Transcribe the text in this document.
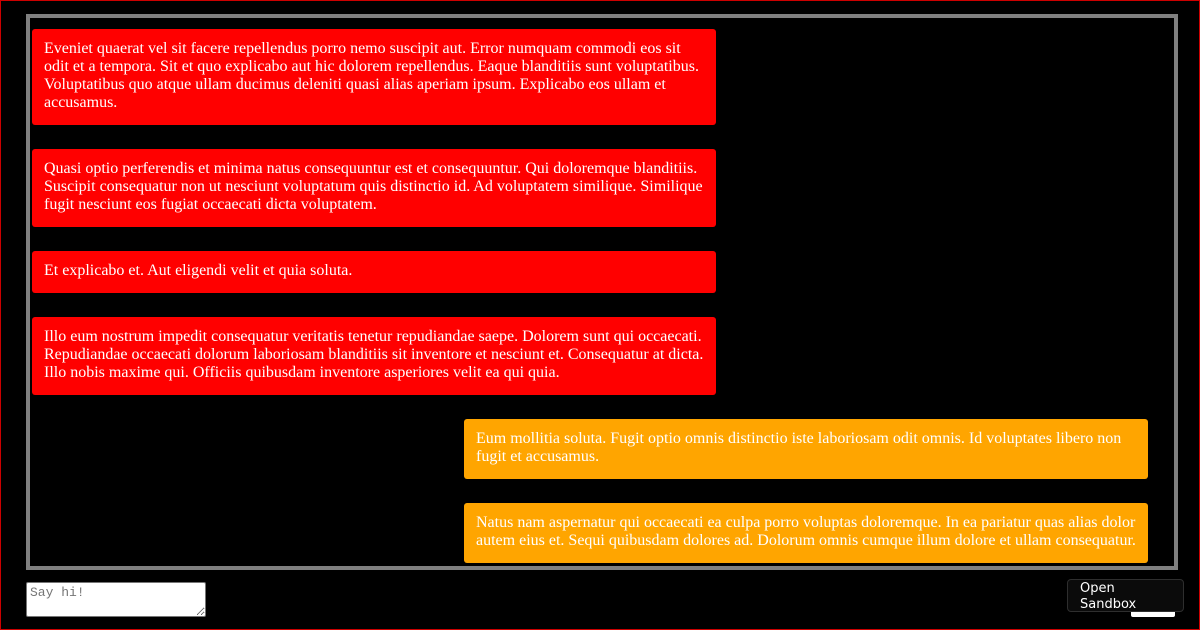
Eveniet quaerat vel sit facere repellendus porro nemo suscipit aut. Error numquam commodi eos sit odit et a tempora. Sit et quo explicabo aut hic dolorem repellendus. Eaque blanditiis sunt voluptatibus. Voluptatibus quo atque ullam ducimus deleniti quasi alias aperiam ipsum. Explicabo eos ullam et accusamus.
Quasi optio perferendis et minima natus consequuntur est et consequuntur. Qui doloremque blanditiis. Suscipit consequatur non ut nesciunt voluptatum quis distinctio id. Ad voluptatem similique. Similique fugit nesciunt eos fugiat occaecati dicta voluptatem.
Et explicabo et. Aut eligendi velit et quia soluta.
Illo eum nostrum impedit consequatur veritatis tenetur repudiandae saepe. Dolorem sunt qui occaecati. Repudiandae occaecati dolorum laboriosam blanditiis sit inventore et nesciunt et. Consequatur at dicta. Illo nobis maxime qui. Officiis quibusdam inventore asperiores velit ea qui quia.
Eum mollitia soluta. Fugit optio omnis distinctio iste laboriosam odit omnis. Id voluptates libero non fugit et accusamus.
Natus nam aspernatur qui occaecati ea culpa porro voluptas doloremque. In ea pariatur quas alias dolor autem eius et. Sequi quibusdam dolores ad. Dolorum omnis cumque illum dolore et ullam consequatur.
Say hi!
Open Sandbox
